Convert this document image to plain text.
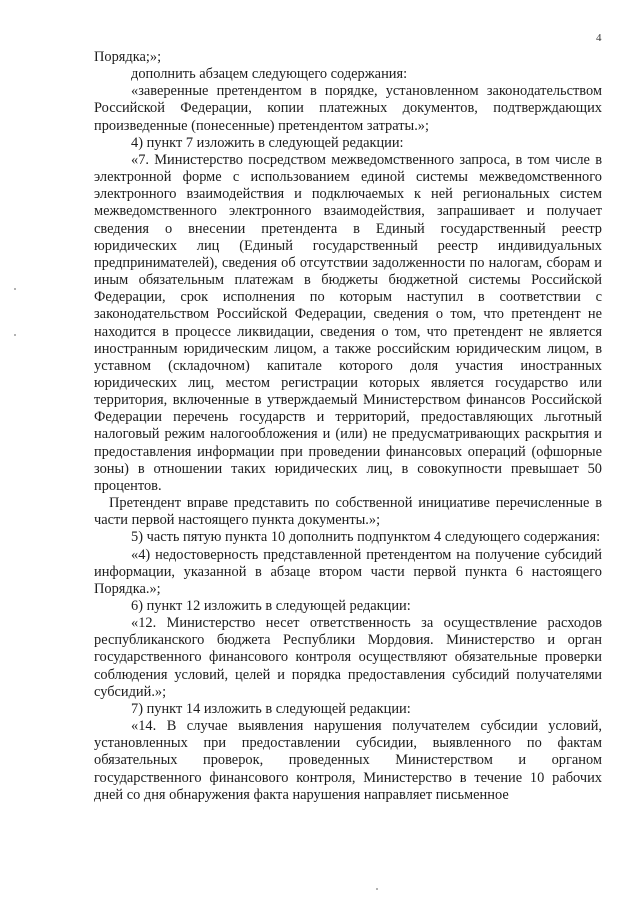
4

Порядка;»;

дополнить абзацем следующего содержания:

«заверенные претендентом в порядке, установленном законодательством Российской Федерации, копии платежных документов, подтверждающих произведенные (понесенные) претендентом затраты.»;

4) пункт 7 изложить в следующей редакции:

«7. Министерство посредством межведомственного запроса, в том числе в электронной форме с использованием единой системы межведомственного электронного взаимодействия и подключаемых к ней региональных систем межведомственного электронного взаимодействия, запрашивает и получает сведения о внесении претендента в Единый государственный реестр юридических лиц (Единый государственный реестр индивидуальных предпринимателей), сведения об отсутствии задолженности по налогам, сборам и иным обязательным платежам в бюджеты бюджетной системы Российской Федерации, срок исполнения по которым наступил в соответствии с законодательством Российской Федерации, сведения о том, что претендент не находится в процессе ликвидации, сведения о том, что претендент не является иностранным юридическим лицом, а также российским юридическим лицом, в уставном (складочном) капитале которого доля участия иностранных юридических лиц, местом регистрации которых является государство или территория, включенные в утверждаемый Министерством финансов Российской Федерации перечень государств и территорий, предоставляющих льготный налоговый режим налогообложения и (или) не предусматривающих раскрытия и предоставления информации при проведении финансовых операций (офшорные зоны) в отношении таких юридических лиц, в совокупности превышает 50 процентов.

Претендент вправе представить по собственной инициативе перечисленные в части первой настоящего пункта документы.»;

5) часть пятую пункта 10 дополнить подпунктом 4 следующего содержания:

«4) недостоверность представленной претендентом на получение субсидий информации, указанной в абзаце втором части первой пункта 6 настоящего Порядка.»;

6) пункт 12 изложить в следующей редакции:

«12. Министерство несет ответственность за осуществление расходов республиканского бюджета Республики Мордовия. Министерство и орган государственного финансового контроля осуществляют обязательные проверки соблюдения условий, целей и порядка предоставления субсидий получателями субсидий.»;

7) пункт 14 изложить в следующей редакции:

«14. В случае выявления нарушения получателем субсидии условий, установленных при предоставлении субсидии, выявленного по фактам обязательных проверок, проведенных Министерством и органом государственного финансового контроля, Министерство в течение 10 рабочих дней со дня обнаружения факта нарушения направляет письменное
